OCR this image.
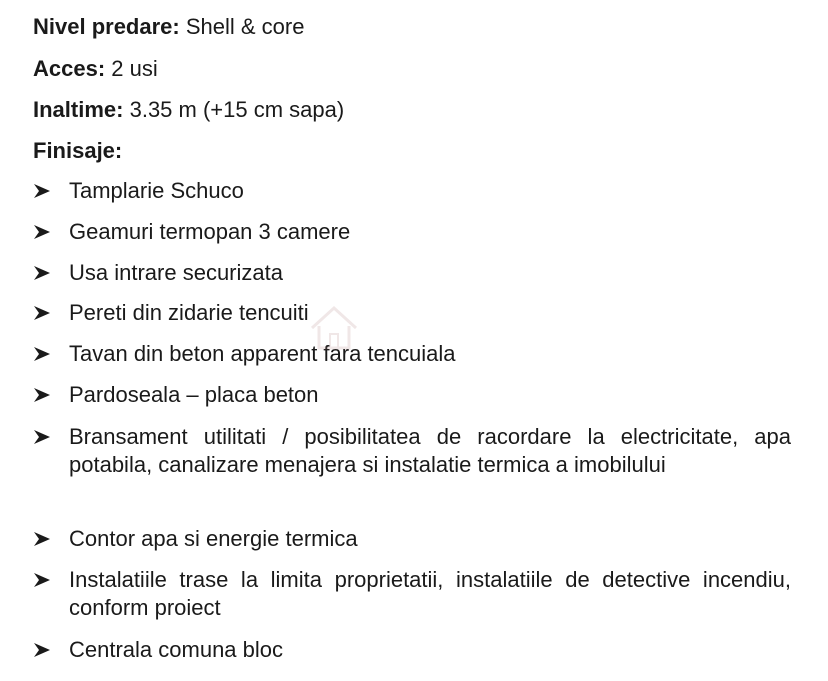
Nivel predare: Shell & core
Acces: 2 usi
Inaltime: 3.35 m (+15 cm sapa)
Finisaje:
Tamplarie Schuco
Geamuri termopan 3 camere
Usa intrare securizata
Pereti din zidarie tencuiti
Tavan din beton apparent fara tencuiala
Pardoseala – placa beton
Bransament utilitati / posibilitatea de racordare la electricitate, apa potabila, canalizare menajera si instalatie termica a imobilului
Contor apa si energie termica
Instalatiile trase la limita proprietatii, instalatiile de detective incendiu, conform proiect
Centrala comuna bloc
